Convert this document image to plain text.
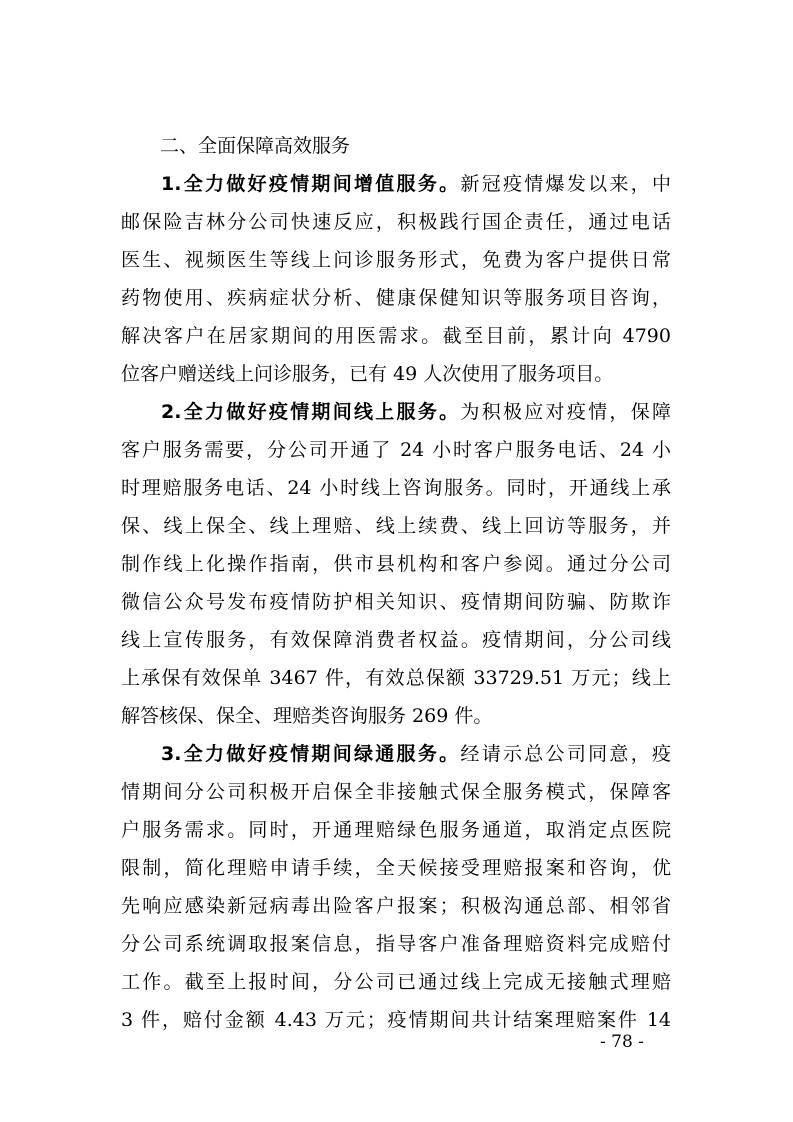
二、全面保障高效服务
1.全力做好疫情期间增值服务。新冠疫情爆发以来，中
邮保险吉林分公司快速反应，积极践行国企责任，通过电话
医生、视频医生等线上问诊服务形式，免费为客户提供日常
药物使用、疾病症状分析、健康保健知识等服务项目咨询，
解决客户在居家期间的用医需求。截至目前，累计向 4790
位客户赠送线上问诊服务，已有 49 人次使用了服务项目。
2.全力做好疫情期间线上服务。为积极应对疫情，保障
客户服务需要，分公司开通了 24 小时客户服务电话、24 小
时理赔服务电话、24 小时线上咨询服务。同时，开通线上承
保、线上保全、线上理赔、线上续费、线上回访等服务，并
制作线上化操作指南，供市县机构和客户参阅。通过分公司
微信公众号发布疫情防护相关知识、疫情期间防骗、防欺诈
线上宣传服务，有效保障消费者权益。疫情期间，分公司线
上承保有效保单 3467 件，有效总保额 33729.51 万元；线上
解答核保、保全、理赔类咨询服务 269 件。
3.全力做好疫情期间绿通服务。经请示总公司同意，疫
情期间分公司积极开启保全非接触式保全服务模式，保障客
户服务需求。同时，开通理赔绿色服务通道，取消定点医院
限制，简化理赔申请手续，全天候接受理赔报案和咨询，优
先响应感染新冠病毒出险客户报案；积极沟通总部、相邻省
分公司系统调取报案信息，指导客户准备理赔资料完成赔付
工作。截至上报时间，分公司已通过线上完成无接触式理赔
3 件，赔付金额 4.43 万元；疫情期间共计结案理赔案件 14
- 78 -
